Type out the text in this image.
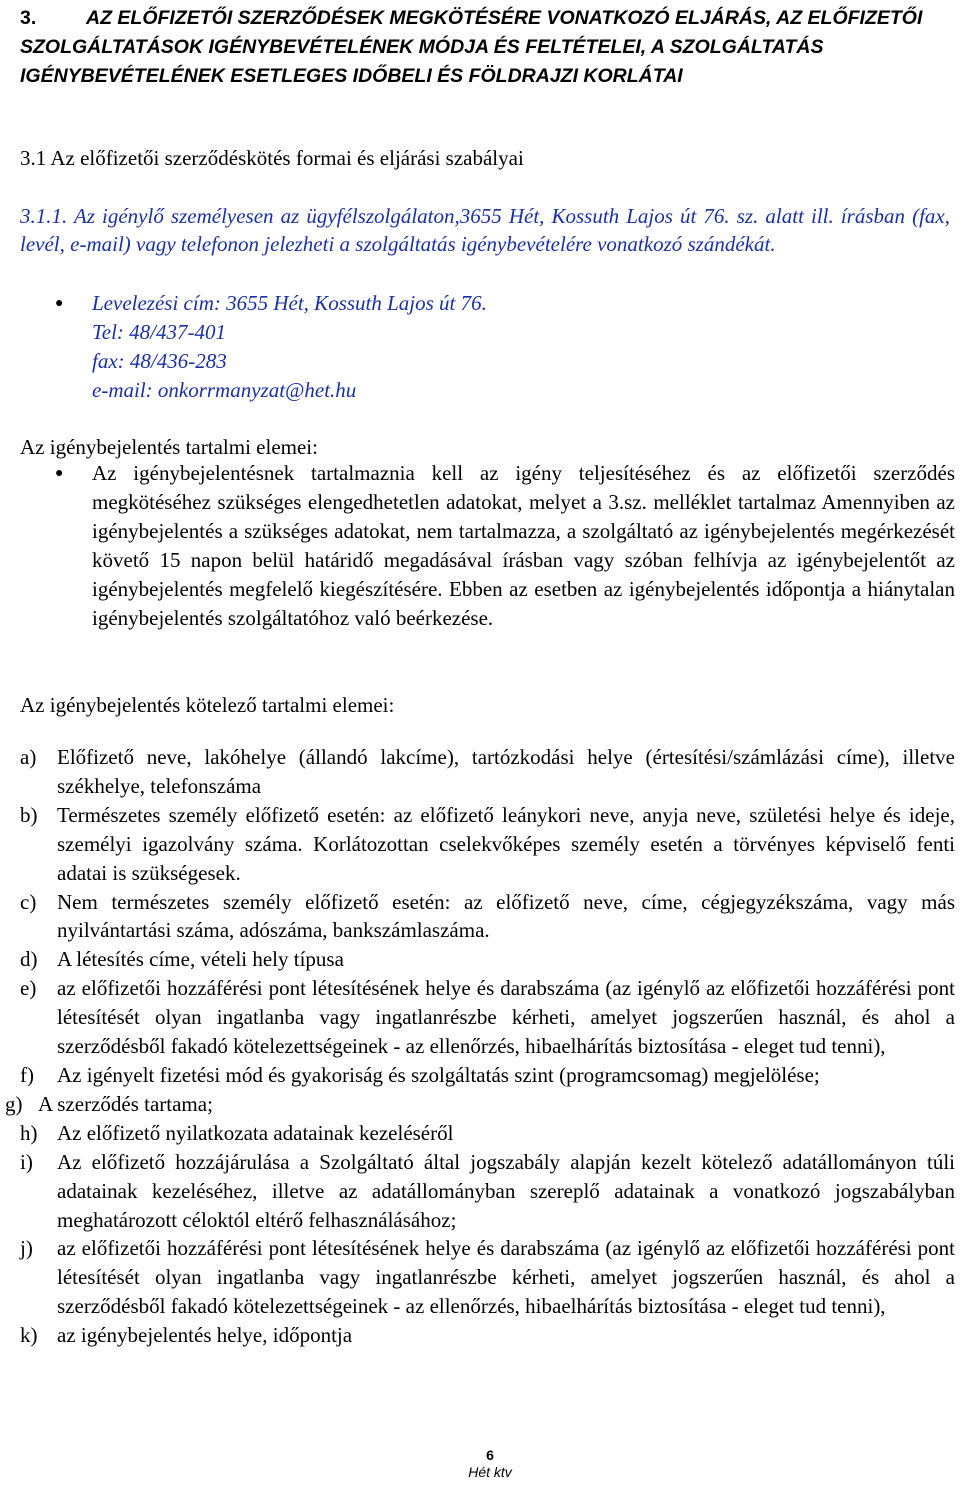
3.	AZ ELŐFIZETŐI SZERZŐDÉSEK MEGKÖTÉSÉRE VONATKOZÓ ELJÁRÁS, AZ ELŐFIZETŐI SZOLGÁLTATÁSOK IGÉNYBEVÉTELÉNEK MÓDJA ÉS FELTÉTELEI, A SZOLGÁLTATÁS IGÉNYBEVÉTELÉNEK ESETLEGES IDŐBELI ÉS FÖLDRAJZI KORLÁTAI
3.1 Az előfizetői szerződéskötés formai és eljárási szabályai

3.1.1. Az igénylő személyesen az ügyfélszolgálaton,3655 Hét, Kossuth Lajos út 76. sz. alatt ill. írásban (fax, levél, e-mail) vagy telefonon jelezheti a szolgáltatás igénybevételére vonatkozó szándékát.

● Levelezési cím: 3655 Hét, Kossuth Lajos út 76.
Tel: 48/437-401
fax: 48/436-283
e-mail: onkorrmanyzat@het.hu

Az igénybejelentés tartalmi elemei:

● Az igénybejelentésnek tartalmaznia kell az igény teljesítéséhez és az előfizetői szerződés megkötéséhez szükséges elengedhetetlen adatokat, melyet a 3.sz. melléklet tartalmaz Amennyiben az igénybejelentés a szükséges adatokat, nem tartalmazza, a szolgáltató az igénybejelentés megérkezését követő 15 napon belül határidő megadásával írásban vagy szóban felhívja az igénybejelentőt az igénybejelentés megfelelő kiegészítésére. Ebben az esetben az igénybejelentés időpontja a hiánytalan igénybejelentés szolgáltatóhoz való beérkezése.

Az igénybejelentés kötelező tartalmi elemei:

a) Előfizető neve, lakóhelye (állandó lakcíme), tartózkodási helye (értesítési/számlázási címe), illetve székhelye, telefonszáma
b) Természetes személy előfizető esetén: az előfizető leánykori neve, anyja neve, születési helye és ideje, személyi igazolvány száma. Korlátozottan cselekvőképes személy esetén a törvényes képviselő fenti adatai is szükségesek.
c) Nem természetes személy előfizető esetén: az előfizető neve, címe, cégjegyzékszáma, vagy más nyilvántartási száma, adószáma, bankszámlaszáma.
d) A létesítés címe, vételi hely típusa
e) az előfizetői hozzáférési pont létesítésének helye és darabszáma (az igénylő az előfizetői hozzáférési pont létesítését olyan ingatlanba vagy ingatlanrészbe kérheti, amelyet jogszerűen használ, és ahol a szerződésből fakadó kötelezettségeinek - az ellenőrzés, hibaelhárítás biztosítása - eleget tud tenni),
f) Az igényelt fizetési mód és gyakoriság és szolgáltatás szint (programcsomag) megjelölése;
g) A szerződés tartama;
h) Az előfizető nyilatkozata adatainak kezeléséről
i) Az előfizető hozzájárulása a Szolgáltató által jogszabály alapján kezelt kötelező adatállományon túli adatainak kezeléséhez, illetve az adatállományban szereplő adatainak a vonatkozó jogszabályban meghatározott céloktól eltérő felhasználásához;
j) az előfizetői hozzáférési pont létesítésének helye és darabszáma (az igénylő az előfizetői hozzáférési pont létesítését olyan ingatlanba vagy ingatlanrészbe kérheti, amelyet jogszerűen használ, és ahol a szerződésből fakadó kötelezettségeinek - az ellenőrzés, hibaelhárítás biztosítása - eleget tud tenni),
k) az igénybejelentés helye, időpontja
6
Hét ktv
